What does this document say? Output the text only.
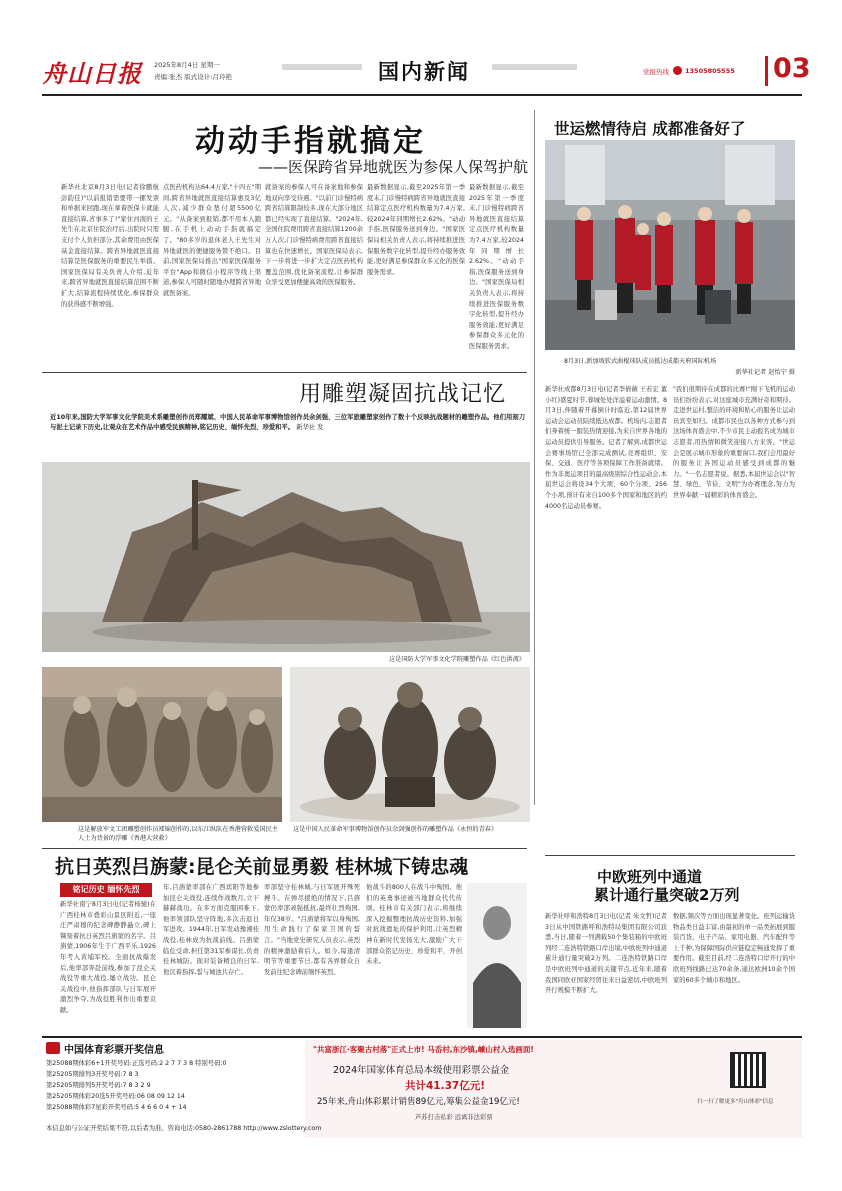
舟山日报 2025年8月4日 星期一
责编:张杰 版式设计:吕玲艳	国内新闻	党报热线 13505805555 03
动动手指就搞定
——医保跨省异地就医为参保人保驾护航

新华社北京8月3日电(记者徐鹏航 彭韵佳)"以前报销需要带一摞发票和单据来回跑,现在拿着医保卡就能直接结算,省事多了!"家住河南的王先生在北京住院治疗后,出院时只需支付个人负担部分,其余费用由医保基金直接结算。跨省异地就医直接结算是医保服务的重要民生举措。国家医保局有关负责人介绍,近年来,跨省异地就医直接结算范围不断扩大,结算流程持续优化,参保群众的获得感不断增强。

点医药机构达64.4万家,"十四五"期间,跨省异地就医直接结算惠及3亿人次,减少群众垫付超5500亿元。"从备案到报销,都不用本人跑腿,在手机上动动手指就搞定了。"80多岁的退休老人王先生对异地就医的便捷服务赞不绝口。目前,国家医保局推出"国家医保服务平台"App和微信小程序等线上渠道,参保人可随时随地办理跨省异地就医备案。

就备案的参保人可在备案地和参保地双向享受待遇。"以前门诊慢特病跨省结算限制较多,现在大部分地区都已经实现了直接结算。"2024年,全国住院费用跨省直接结算1200余万人次,门诊慢特病费用跨省直接结算也在快速增长。国家医保局表示,下一步将进一步扩大定点医药机构覆盖范围,优化备案流程,让参保群众享受更加便捷高效的医保服务。

最新数据显示,截至2025年第一季度末,门诊慢特病跨省异地就医直接结算定点医疗机构数量为7.4万家,较2024年同期增长2.62%。"动动手指,医保服务送到身边。"国家医保局相关负责人表示,将持续推进医保服务数字化转型,提升经办服务效能,更好满足参保群众多元化的医保服务需求。

最新数据显示,截至2025年第一季度末,门诊慢特病跨省异地就医直接结算定点医疗机构数量为7.4万家,较2024年同期增长2.62%。"动动手指,医保服务送到身边。"国家医保局相关负责人表示,将持续推进医保服务数字化转型,提升经办服务效能,更好满足参保群众多元化的医保服务需求。

世运燃情待启 成都准备好了
8月3日,新加坡软式曲棍球队成员抵达成都天府国际机场
新华社记者 赵怡宁 摄

新华社成都8月3日电(记者李倩薇 王若宏 董小红)盛夏时节,蓉城处处洋溢着运动激情。8月3日,伴随着开幕倒计时临近,第12届世界运动会运动员陆续抵达成都。机场内,志愿者们身着统一服装热情迎接,为来自世界各地的运动员提供引导服务。记者了解到,成都世运会赛事场馆已全部完成测试,竞赛组织、安保、交通、医疗等各项保障工作准备就绪。作为非奥运项目的最高级别综合性运动会,本届世运会将设34个大项、60个分项、256个小项,预计有来自100多个国家和地区的约4000名运动员参赛。

"我们很期待在成都的比赛!"刚下飞机的运动员们纷纷表示,对这座城市充满好奇和期待。走进世运村,整洁的环境和贴心的服务让运动员宾至如归。成都市民也以各种方式参与到这场体育盛会中,不少市民主动报名成为城市志愿者,用热情和微笑迎接八方来客。"世运会是展示城市形象的重要窗口,我们会用最好的服务让各国运动员感受到成都的魅力。"一名志愿者说。据悉,本届世运会以"智慧、绿色、节俭、文明"为办赛理念,努力为世界奉献一届精彩的体育盛会。

用雕塑凝固抗战记忆
近10年来,国防大学军事文化学院美术系雕塑创作员郑耀斌、中国人民革命军事博物馆创作员余剑强、三位军旅雕塑家创作了数十个反映抗战题材的雕塑作品。他们用刻刀与泥土记录下历史,让观众在艺术作品中感受民族精神,铭记历史、缅怀先烈、珍爱和平。 新华社 发
这是国防大学军事文化学院雕塑作品《红色洪流》
这是解放军文工团雕塑创作员郑锦创作的,以东江纵队在香港营救爱国民主人士为背景的浮雕《香港大营救》
这是中国人民革命军事博物馆创作员余剑强创作的雕塑作品《永恒的青春》
抗日英烈吕旃蒙:昆仑关前显勇毅 桂林城下铸忠魂
铭记历史 缅怀先烈

新华社南宁8月3日电(记者杨驰)在广西桂林市叠彩山景区附近,一座庄严肃穆的纪念碑静静矗立,碑上镌刻着抗日英烈吕旃蒙的名字。吕旃蒙,1906年生于广西平乐,1926年考入黄埔军校。全面抗战爆发后,他率部奔赴前线,参加了昆仑关战役等重大战役,屡立战功。昆仑关战役中,他指挥部队与日军展开激烈争夺,为战役胜利作出重要贡献。

年,吕旃蒙率部在广西宾阳等地参加昆仑关战役,连续作战数月,立下赫赫战功。在多方面克服困难下,他率领部队坚守阵地,多次击退日军进攻。1944年,日军发动豫湘桂战役,桂林成为抗战前线。吕旃蒙临危受命,担任第31军参谋长,负责桂林城防。面对装备精良的日军,他沉着指挥,誓与城池共存亡。

率部坚守桂林城,与日军展开殊死搏斗。在弹尽援绝的情况下,吕旃蒙仍率部顽强抵抗,最终壮烈殉国,年仅38岁。"吕旃蒙将军以身殉国,用生命践行了保家卫国的誓言。"当地党史研究人员表示,英烈的精神激励着后人。如今,每逢清明节等重要节日,都有各界群众自发前往纪念碑前缅怀英烈。

他战斗的800人在战斗中殉国。他们的英勇事迹被当地群众代代传颂。桂林市有关部门表示,将继续深入挖掘整理抗战历史资料,加强对抗战遗址的保护利用,让英烈精神在新时代发扬光大,激励广大干部群众铭记历史、珍爱和平、开创未来。

中欧班列中通道
累计通行量突破2万列

新华社呼和浩特8月3日电(记者 朱文哲)记者3日从中国铁路呼和浩特局集团有限公司获悉,当日,随着一列满载50个集装箱的中欧班列经二连浩特铁路口岸出境,中欧班列中通道累计通行量突破2万列。二连浩特铁路口岸是中欧班列中通道的关键节点,近年来,随着我国同欧亚国家经贸往来日益密切,中欧班列开行规模不断扩大。

数据,频次等方面出现显著变化。班列运输货物品类日益丰富,由最初的单一品类拓展到服装百货、电子产品、家用电器、汽车配件等上千种,为保障国际供应链稳定畅通发挥了重要作用。截至目前,经二连浩特口岸开行的中欧班列线路已达70余条,通达欧洲10余个国家的60多个城市和地区。

中国体育彩票开奖信息
第25088期体彩6+1开奖号码:正选号码:2 2 7 7 3 8 特别号码:0
第25205期排列3开奖号码:7 8 3
第25205期排列5开奖号码:7 8 3 2 9
第25205期体彩20选5开奖号码:06 08 09 12 14
第25088期体彩7星彩开奖号码:5 4 6 6 0 4 + 14
"共富浙江·客聚古村落"正式上市! 马岙村,东沙镇,嵊山村入选画面!
2024年国家体育总局本级使用彩票公益金
共计41.37亿元!
25年来,舟山体彩累计销售89亿元,筹集公益金19亿元!
芦苏打击私彩 远离非法彩票
扫一扫了解更多"舟山体彩"信息
本信息如与公证开奖结果不符,以后者为准。咨询电话:0580-2861788 http://www.zslottery.com
